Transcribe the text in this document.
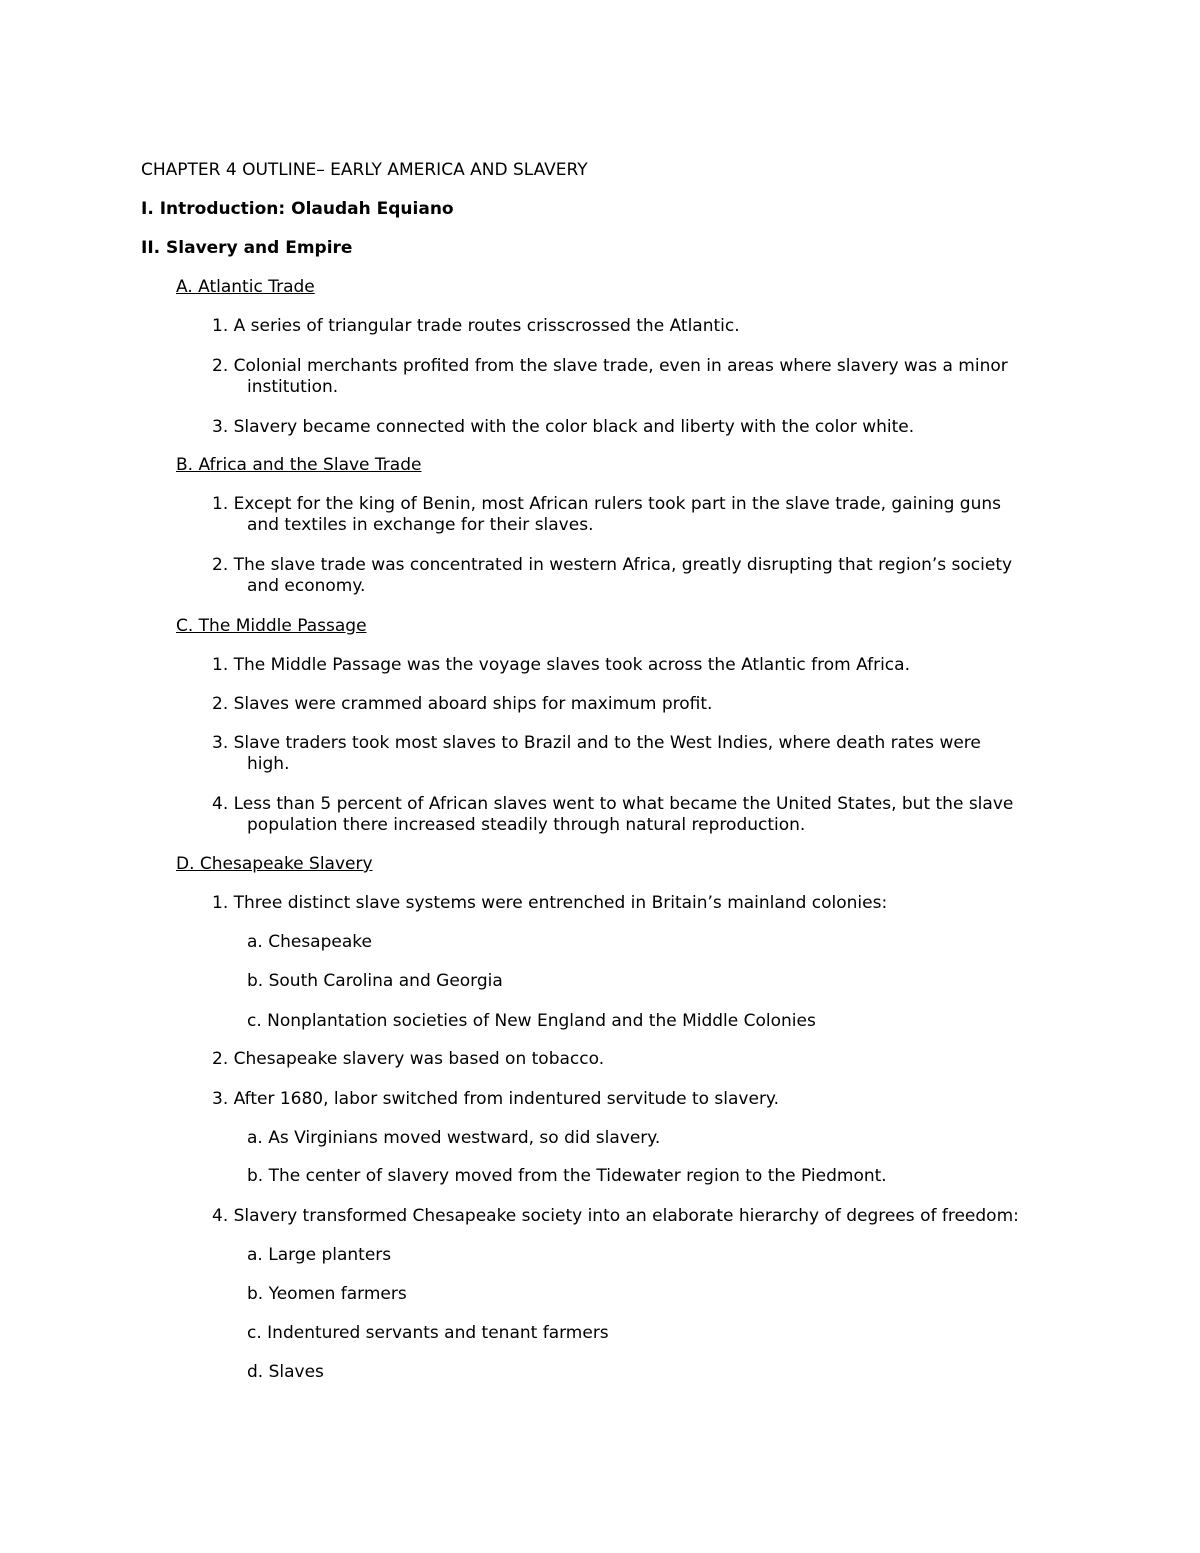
CHAPTER 4 OUTLINE– EARLY AMERICA AND SLAVERY
I. Introduction: Olaudah Equiano
II. Slavery and Empire
A. Atlantic Trade
1. A series of triangular trade routes crisscrossed the Atlantic.
2. Colonial merchants profited from the slave trade, even in areas where slavery was a minor
institution.
3. Slavery became connected with the color black and liberty with the color white.
B. Africa and the Slave Trade
1. Except for the king of Benin, most African rulers took part in the slave trade, gaining guns
and textiles in exchange for their slaves.
2. The slave trade was concentrated in western Africa, greatly disrupting that region’s society
and economy.
C. The Middle Passage
1. The Middle Passage was the voyage slaves took across the Atlantic from Africa.
2. Slaves were crammed aboard ships for maximum profit.
3. Slave traders took most slaves to Brazil and to the West Indies, where death rates were
high.
4. Less than 5 percent of African slaves went to what became the United States, but the slave
population there increased steadily through natural reproduction.
D. Chesapeake Slavery
1. Three distinct slave systems were entrenched in Britain’s mainland colonies:
a. Chesapeake
b. South Carolina and Georgia
c. Nonplantation societies of New England and the Middle Colonies
2. Chesapeake slavery was based on tobacco.
3. After 1680, labor switched from indentured servitude to slavery.
a. As Virginians moved westward, so did slavery.
b. The center of slavery moved from the Tidewater region to the Piedmont.
4. Slavery transformed Chesapeake society into an elaborate hierarchy of degrees of freedom:
a. Large planters
b. Yeomen farmers
c. Indentured servants and tenant farmers
d. Slaves
